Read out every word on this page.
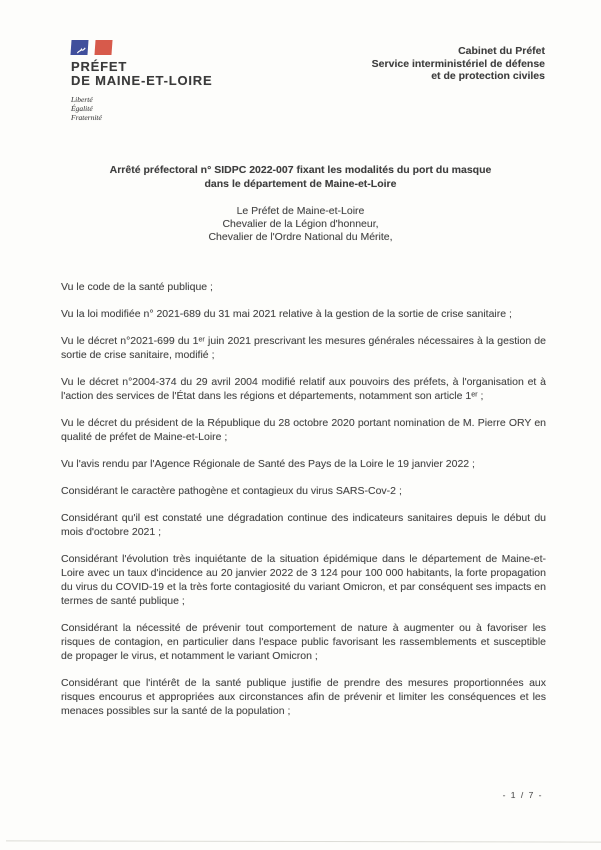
PRÉFET
DE MAINE-ET-LOIRE
Liberté
Égalité
Fraternité
Cabinet du Préfet
Service interministériel de défense
et de protection civiles
Arrêté préfectoral n° SIDPC 2022-007 fixant les modalités du port du masque
dans le département de Maine-et-Loire
Le Préfet de Maine-et-Loire
Chevalier de la Légion d'honneur,
Chevalier de l'Ordre National du Mérite,

Vu le code de la santé publique ;

Vu la loi modifiée n° 2021-689 du 31 mai 2021 relative à la gestion de la sortie de crise sanitaire ;

Vu le décret n°2021-699 du 1ᵉʳ juin 2021 prescrivant les mesures générales nécessaires à la gestion de sortie de crise sanitaire, modifié ;

Vu le décret n°2004-374 du 29 avril 2004 modifié relatif aux pouvoirs des préfets, à l'organisation et à l'action des services de l'État dans les régions et départements, notamment son article 1ᵉʳ ;

Vu le décret du président de la République du 28 octobre 2020 portant nomination de M. Pierre ORY en qualité de préfet de Maine-et-Loire ;

Vu l'avis rendu par l'Agence Régionale de Santé des Pays de la Loire le 19 janvier 2022 ;

Considérant le caractère pathogène et contagieux du virus SARS-Cov-2 ;

Considérant qu'il est constaté une dégradation continue des indicateurs sanitaires depuis le début du mois d'octobre 2021 ;

Considérant l'évolution très inquiétante de la situation épidémique dans le département de Maine-et-Loire avec un taux d'incidence au 20 janvier 2022 de 3 124 pour 100 000 habitants, la forte propagation du virus du COVID-19 et la très forte contagiosité du variant Omicron, et par conséquent ses impacts en termes de santé publique ;

Considérant la nécessité de prévenir tout comportement de nature à augmenter ou à favoriser les risques de contagion, en particulier dans l'espace public favorisant les rassemblements et susceptible de propager le virus, et notamment le variant Omicron ;

Considérant que l'intérêt de la santé publique justifie de prendre des mesures proportionnées aux risques encourus et appropriées aux circonstances afin de prévenir et limiter les conséquences et les menaces possibles sur la santé de la population ;

- 1 / 7 -
